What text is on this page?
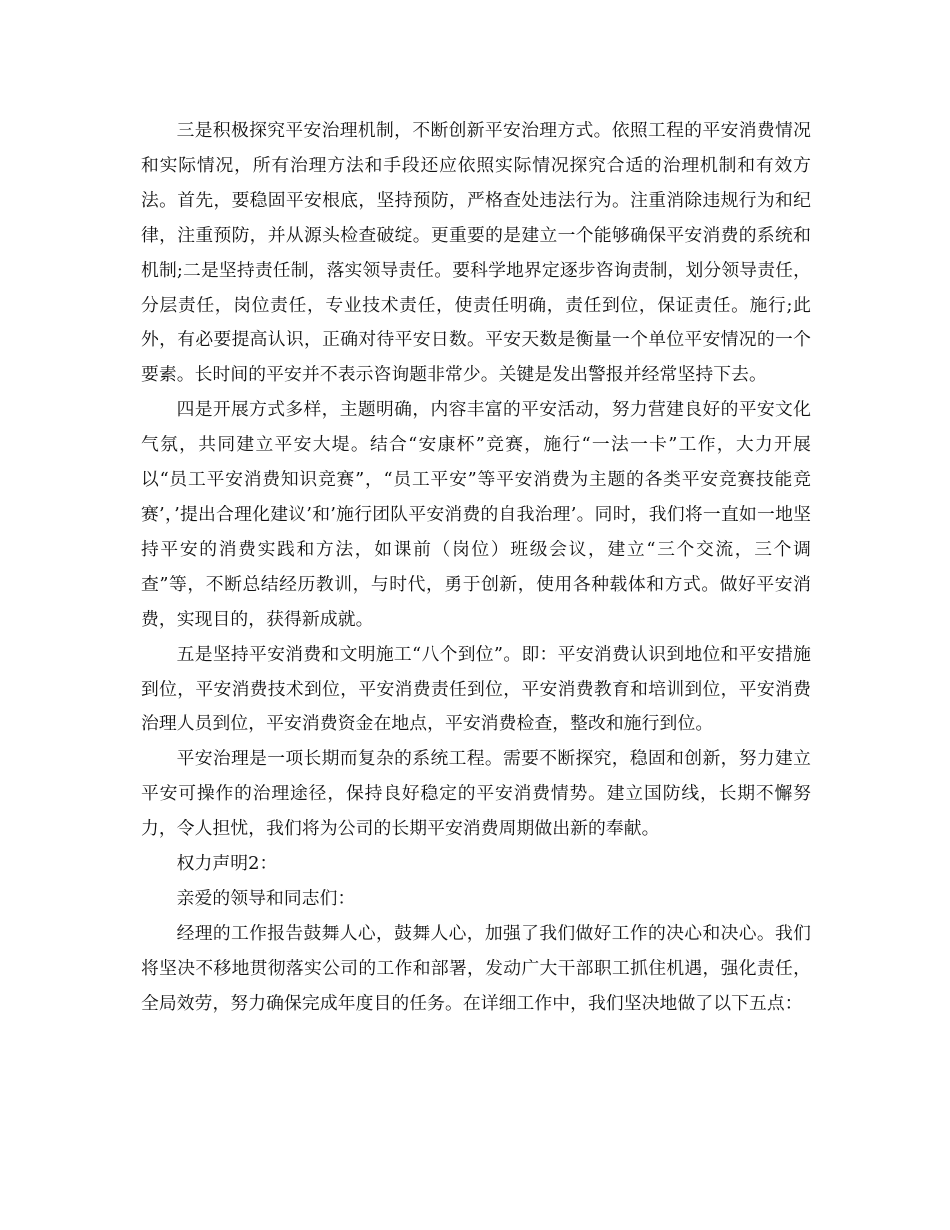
三是积极探究平安治理机制，不断创新平安治理方式。依照工程的平安消费情况和实际情况，所有治理方法和手段还应依照实际情况探究合适的治理机制和有效方法。首先，要稳固平安根底，坚持预防，严格查处违法行为。注重消除违规行为和纪律，注重预防，并从源头检查破绽。更重要的是建立一个能够确保平安消费的系统和机制;二是坚持责任制，落实领导责任。要科学地界定逐步咨询责制，划分领导责任，分层责任，岗位责任，专业技术责任，使责任明确，责任到位，保证责任。施行;此外，有必要提高认识，正确对待平安日数。平安天数是衡量一个单位平安情况的一个要素。长时间的平安并不表示咨询题非常少。关键是发出警报并经常坚持下去。

四是开展方式多样，主题明确，内容丰富的平安活动，努力营建良好的平安文化气氛，共同建立平安大堤。结合“安康杯”竞赛，施行“一法一卡”工作，大力开展以“员工平安消费知识竞赛”，“员工平安”等平安消费为主题的各类平安竞赛技能竞赛’，’提出合理化建议’和’施行团队平安消费的自我治理’。同时，我们将一直如一地坚持平安的消费实践和方法，如课前（岗位）班级会议，建立“三个交流，三个调查”等，不断总结经历教训，与时代，勇于创新，使用各种载体和方式。做好平安消费，实现目的，获得新成就。

五是坚持平安消费和文明施工“八个到位”。即：平安消费认识到地位和平安措施到位，平安消费技术到位，平安消费责任到位，平安消费教育和培训到位，平安消费治理人员到位，平安消费资金在地点，平安消费检查，整改和施行到位。

平安治理是一项长期而复杂的系统工程。需要不断探究，稳固和创新，努力建立平安可操作的治理途径，保持良好稳定的平安消费情势。建立国防线，长期不懈努力，令人担忧，我们将为公司的长期平安消费周期做出新的奉献。

权力声明2：

亲爱的领导和同志们：

经理的工作报告鼓舞人心，鼓舞人心，加强了我们做好工作的决心和决心。我们将坚决不移地贯彻落实公司的工作和部署，发动广大干部职工抓住机遇，强化责任，全局效劳，努力确保完成年度目的任务。在详细工作中，我们坚决地做了以下五点：
